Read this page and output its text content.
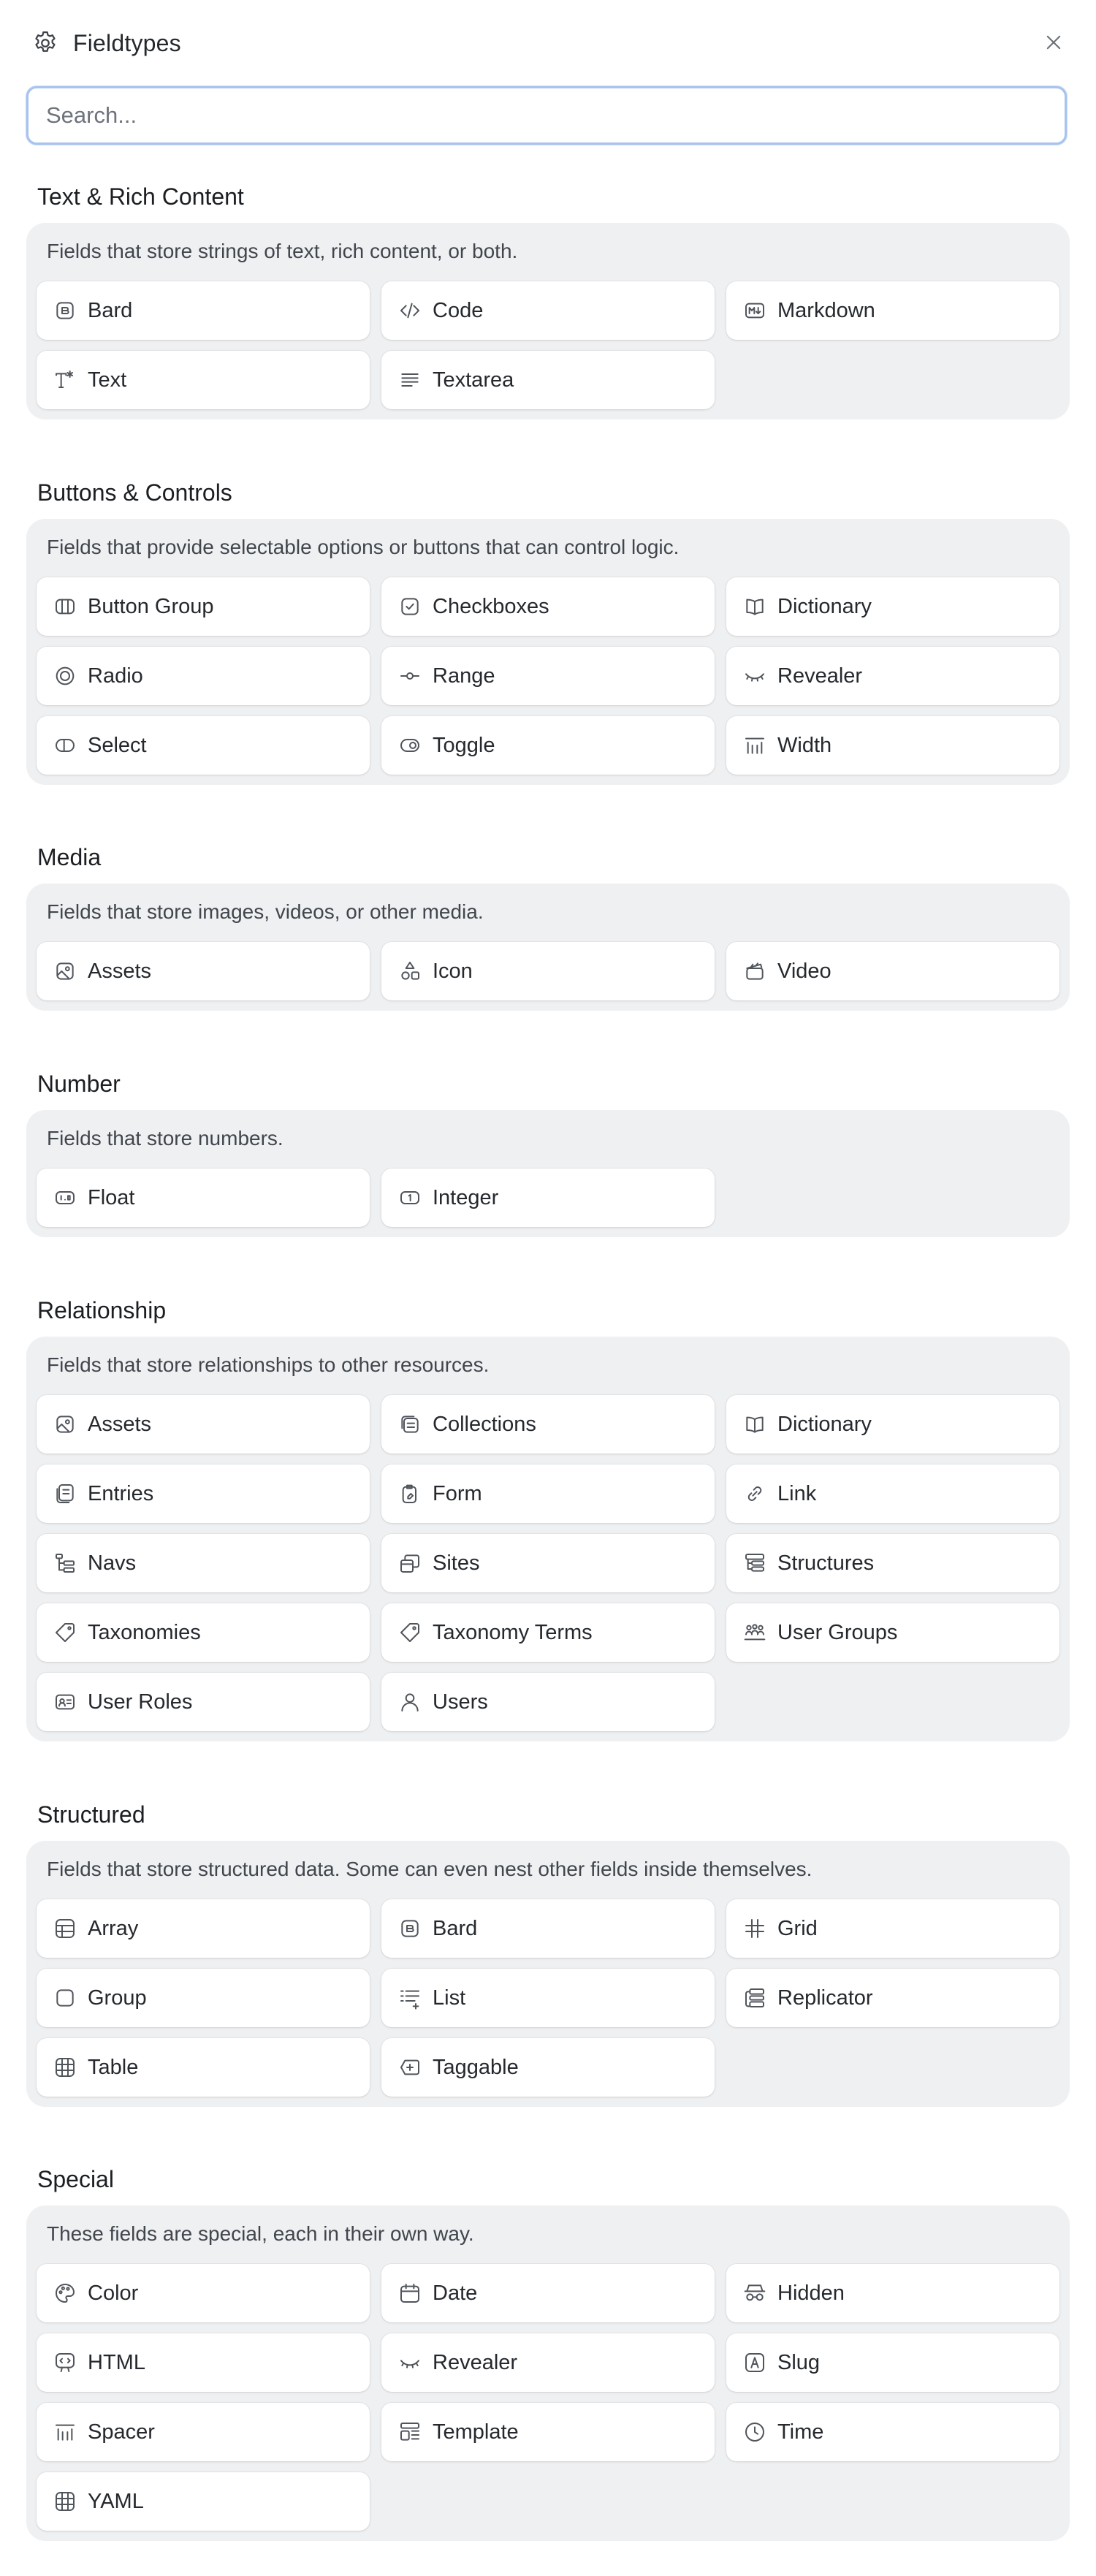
Fieldtypes
Search...
Text & Rich Content
Fields that store strings of text, rich content, or both.
Bard	Code	Markdown
Text	Textarea
Buttons & Controls
Fields that provide selectable options or buttons that can control logic.
Button Group	Checkboxes	Dictionary
Radio	Range	Revealer
Select	Toggle	Width
Media
Fields that store images, videos, or other media.
Assets	Icon	Video
Number
Fields that store numbers.
Float	Integer
Relationship
Fields that store relationships to other resources.
Assets	Collections	Dictionary
Entries	Form	Link
Navs	Sites	Structures
Taxonomies	Taxonomy Terms	User Groups
User Roles	Users
Structured
Fields that store structured data. Some can even nest other fields inside themselves.
Array	Bard	Grid
Group	List	Replicator
Table	Taggable
Special
These fields are special, each in their own way.
Color	Date	Hidden
HTML	Revealer	Slug
Spacer	Template	Time
YAML
